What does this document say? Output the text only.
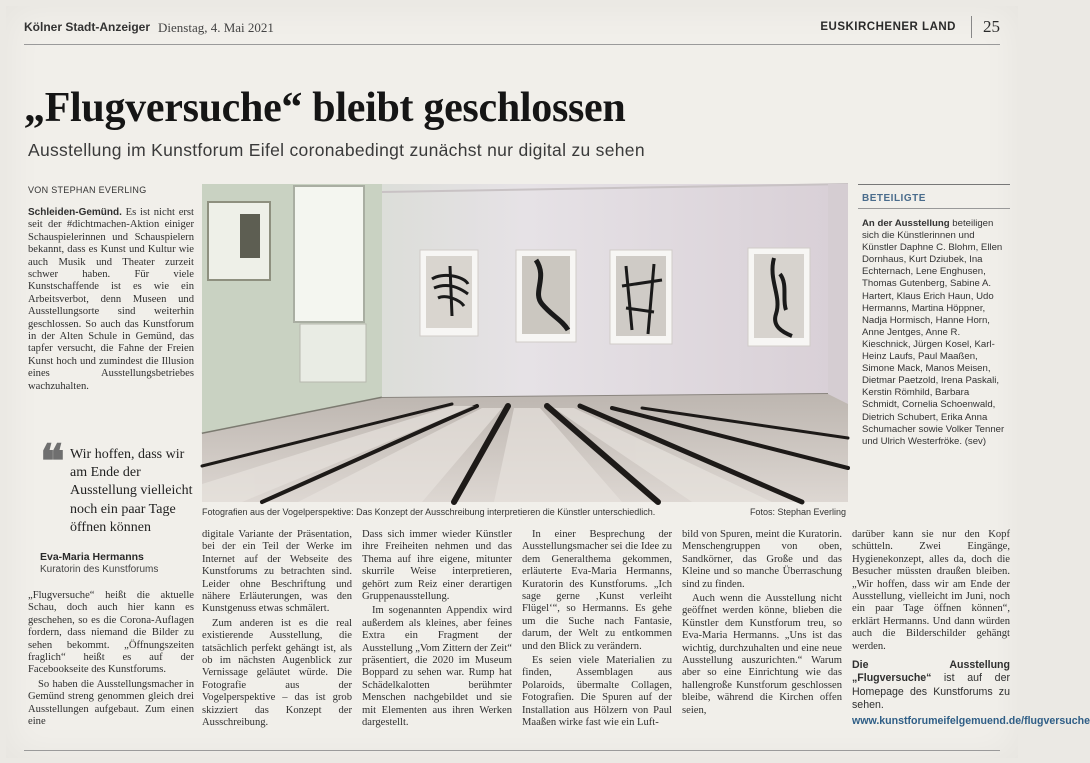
Kölner Stadt-Anzeiger Dienstag, 4. Mai 2021	EUSKIRCHENER LAND 25
„Flugversuche“ bleibt geschlossen
Ausstellung im Kunstforum Eifel coronabedingt zunächst nur digital zu sehen
VON STEPHAN EVERLING

Schleiden-Gemünd. Es ist nicht erst seit der #dichtmachen-Aktion einiger Schauspielerinnen und Schauspielern bekannt, dass es Kunst und Kultur wie auch Musik und Theater zurzeit schwer haben. Für viele Kunstschaffende ist es wie ein Arbeitsverbot, denn Museen und Ausstellungsorte sind weiterhin geschlossen. So auch das Kunstforum in der Alten Schule in Gemünd, das tapfer versucht, die Fahne der Freien Kunst hoch und zumindest die Illusion eines Ausstellungsbetriebes wachzuhalten.

❝ Wir hoffen, dass wir am Ende der Ausstellung vielleicht noch ein paar Tage öffnen können
Eva-Maria Hermanns
Kuratorin des Kunstforums

„Flugversuche“ heißt die aktuelle Schau, doch auch hier kann es geschehen, so es die Corona-Auflagen fordern, dass niemand die Bilder zu sehen bekommt. „Öffnungszeiten fraglich“ heißt es auf der Facebookseite des Kunstforums.

So haben die Ausstellungsmacher in Gemünd streng genommen gleich drei Ausstellungen aufgebaut. Zum einen eine

Fotografien aus der Vogelperspektive: Das Konzept der Ausschreibung interpretieren die Künstler unterschiedlich.	Fotos: Stephan Everling

digitale Variante der Präsentation, bei der ein Teil der Werke im Internet auf der Webseite des Kunstforums zu betrachten sind. Leider ohne Beschriftung und nähere Erläuterungen, was den Kunstgenuss etwas schmälert.

Zum anderen ist es die real existierende Ausstellung, die tatsächlich perfekt gehängt ist, als ob im nächsten Augenblick zur Vernissage geläutet würde. Die Fotografie aus der Vogelperspektive – das ist grob skizziert das Konzept der Ausschreibung.

Dass sich immer wieder Künstler ihre Freiheiten nehmen und das Thema auf ihre eigene, mitunter skurrile Weise interpretieren, gehört zum Reiz einer derartigen Gruppenausstellung.

Im sogenannten Appendix wird außerdem als kleines, aber feines Extra ein Fragment der Ausstellung „Vom Zittern der Zeit“ präsentiert, die 2020 im Museum Boppard zu sehen war. Rump hat Schädelkalotten berühmter Menschen nachgebildet und sie mit Elementen aus ihren Werken dargestellt.

In einer Besprechung der Ausstellungsmacher sei die Idee zu dem Generalthema gekommen, erläuterte Eva-Maria Hermanns, Kuratorin des Kunstforums. „Ich sage gerne ‚Kunst verleiht Flügel‘“, so Hermanns. Es gehe um die Suche nach Fantasie, darum, der Welt zu entkommen und den Blick zu verändern.

Es seien viele Materialien zu finden, Assemblagen aus Polaroids, übermalte Collagen, Fotografien. Die Spuren auf der Installation aus Hölzern von Paul Maaßen wirke fast wie ein Luft-

bild von Spuren, meint die Kuratorin. Menschengruppen von oben, Sandkörner, das Große und das Kleine und so manche Überraschung sind zu finden.

Auch wenn die Ausstellung nicht geöffnet werden könne, blieben die Künstler dem Kunstforum treu, so Eva-Maria Hermanns. „Uns ist das wichtig, durchzuhalten und eine neue Ausstellung auszurichten.“ Warum aber so eine Einrichtung wie das hallengroße Kunstforum geschlossen bleibe, während die Kirchen offen seien,

darüber kann sie nur den Kopf schütteln. Zwei Eingänge, Hygienekonzept, alles da, doch die Besucher müssten draußen bleiben. „Wir hoffen, dass wir am Ende der Ausstellung, vielleicht im Juni, noch ein paar Tage öffnen können“, erklärt Hermanns. Und dann würden auch die Bilderschilder gehängt werden.

Die Ausstellung „Flugversuche“ ist auf der Homepage des Kunstforums zu sehen.

www.kunstforumeifelgemuend.de/flugversuche

BETEILIGTE
An der Ausstellung beteiligen sich die Künstlerinnen und Künstler Daphne C. Blohm, Ellen Dornhaus, Kurt Dziubek, Ina Echternach, Lene Enghusen, Thomas Gutenberg, Sabine A. Hartert, Klaus Erich Haun, Udo Hermanns, Martina Höppner, Nadja Hormisch, Hanne Horn, Anne Jentges, Anne R. Kieschnick, Jürgen Kosel, Karl-Heinz Laufs, Paul Maaßen, Simone Mack, Manos Meisen, Dietmar Paetzold, Irena Paskali, Kerstin Römhild, Barbara Schmidt, Cornelia Schoenwald, Dietrich Schubert, Erika Anna Schumacher sowie Volker Tenner und Ulrich Westerfröke. (sev)
